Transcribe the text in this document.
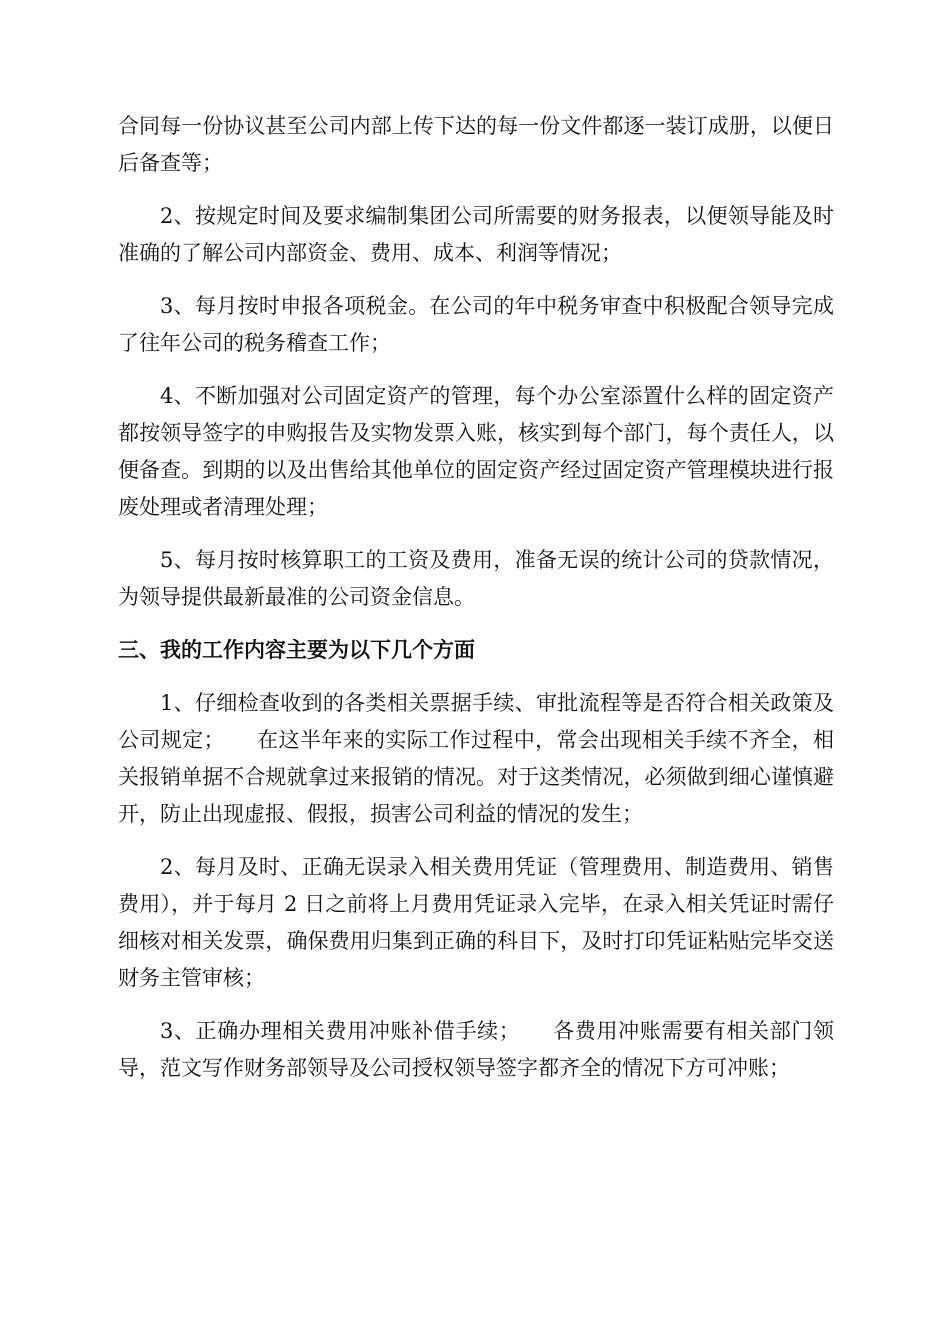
合同每一份协议甚至公司内部上传下达的每一份文件都逐一装订成册，以便日后备查等；

2、按规定时间及要求编制集团公司所需要的财务报表，以便领导能及时准确的了解公司内部资金、费用、成本、利润等情况；

3、每月按时申报各项税金。在公司的年中税务审查中积极配合领导完成了往年公司的税务稽查工作；

4、不断加强对公司固定资产的管理，每个办公室添置什么样的固定资产都按领导签字的申购报告及实物发票入账，核实到每个部门，每个责任人，以便备查。到期的以及出售给其他单位的固定资产经过固定资产管理模块进行报废处理或者清理处理；

5、每月按时核算职工的工资及费用，准备无误的统计公司的贷款情况，为领导提供最新最准的公司资金信息。

三、我的工作内容主要为以下几个方面

1、仔细检查收到的各类相关票据手续、审批流程等是否符合相关政策及公司规定；　　在这半年来的实际工作过程中，常会出现相关手续不齐全，相关报销单据不合规就拿过来报销的情况。对于这类情况，必须做到细心谨慎避开，防止出现虚报、假报，损害公司利益的情况的发生；

2、每月及时、正确无误录入相关费用凭证（管理费用、制造费用、销售费用），并于每月 2 日之前将上月费用凭证录入完毕，在录入相关凭证时需仔细核对相关发票，确保费用归集到正确的科目下，及时打印凭证粘贴完毕交送财务主管审核；

3、正确办理相关费用冲账补借手续；　　各费用冲账需要有相关部门领导，范文写作财务部领导及公司授权领导签字都齐全的情况下方可冲账；
